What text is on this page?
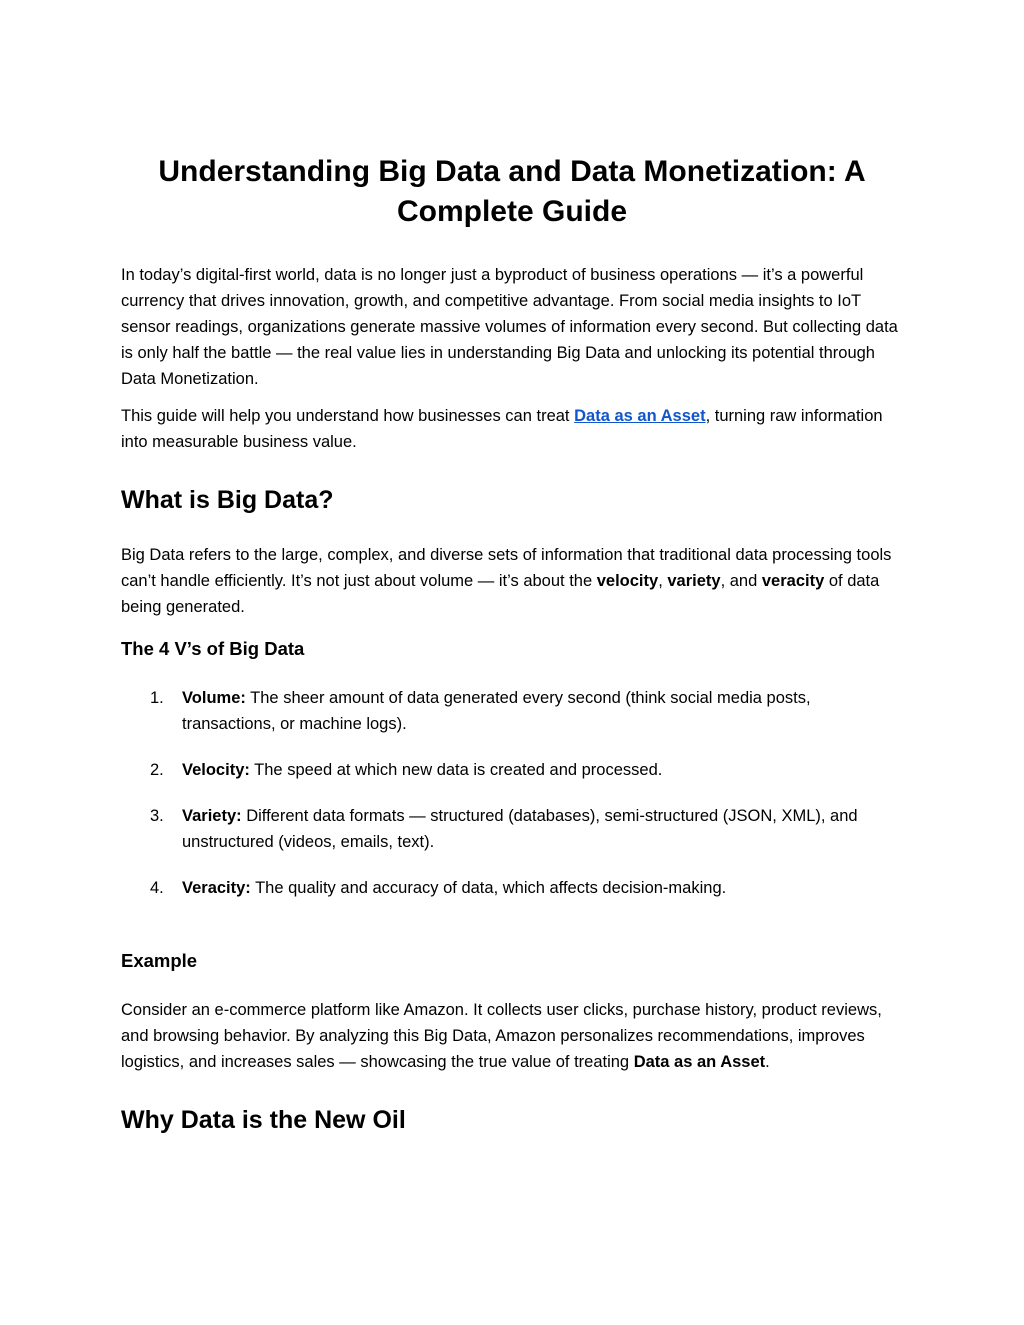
Understanding Big Data and Data Monetization: A Complete Guide

In today’s digital-first world, data is no longer just a byproduct of business operations — it’s a powerful currency that drives innovation, growth, and competitive advantage. From social media insights to IoT sensor readings, organizations generate massive volumes of information every second. But collecting data is only half the battle — the real value lies in understanding Big Data and unlocking its potential through Data Monetization.

This guide will help you understand how businesses can treat Data as an Asset, turning raw information into measurable business value.

What is Big Data?

Big Data refers to the large, complex, and diverse sets of information that traditional data processing tools can’t handle efficiently. It’s not just about volume — it’s about the velocity, variety, and veracity of data being generated.

The 4 V’s of Big Data
1.	Volume: The sheer amount of data generated every second (think social media posts, transactions, or machine logs).
2.	Velocity: The speed at which new data is created and processed.
3.	Variety: Different data formats — structured (databases), semi-structured (JSON, XML), and unstructured (videos, emails, text).
4.	Veracity: The quality and accuracy of data, which affects decision-making.
Example

Consider an e-commerce platform like Amazon. It collects user clicks, purchase history, product reviews, and browsing behavior. By analyzing this Big Data, Amazon personalizes recommendations, improves logistics, and increases sales — showcasing the true value of treating Data as an Asset.

Why Data is the New Oil
